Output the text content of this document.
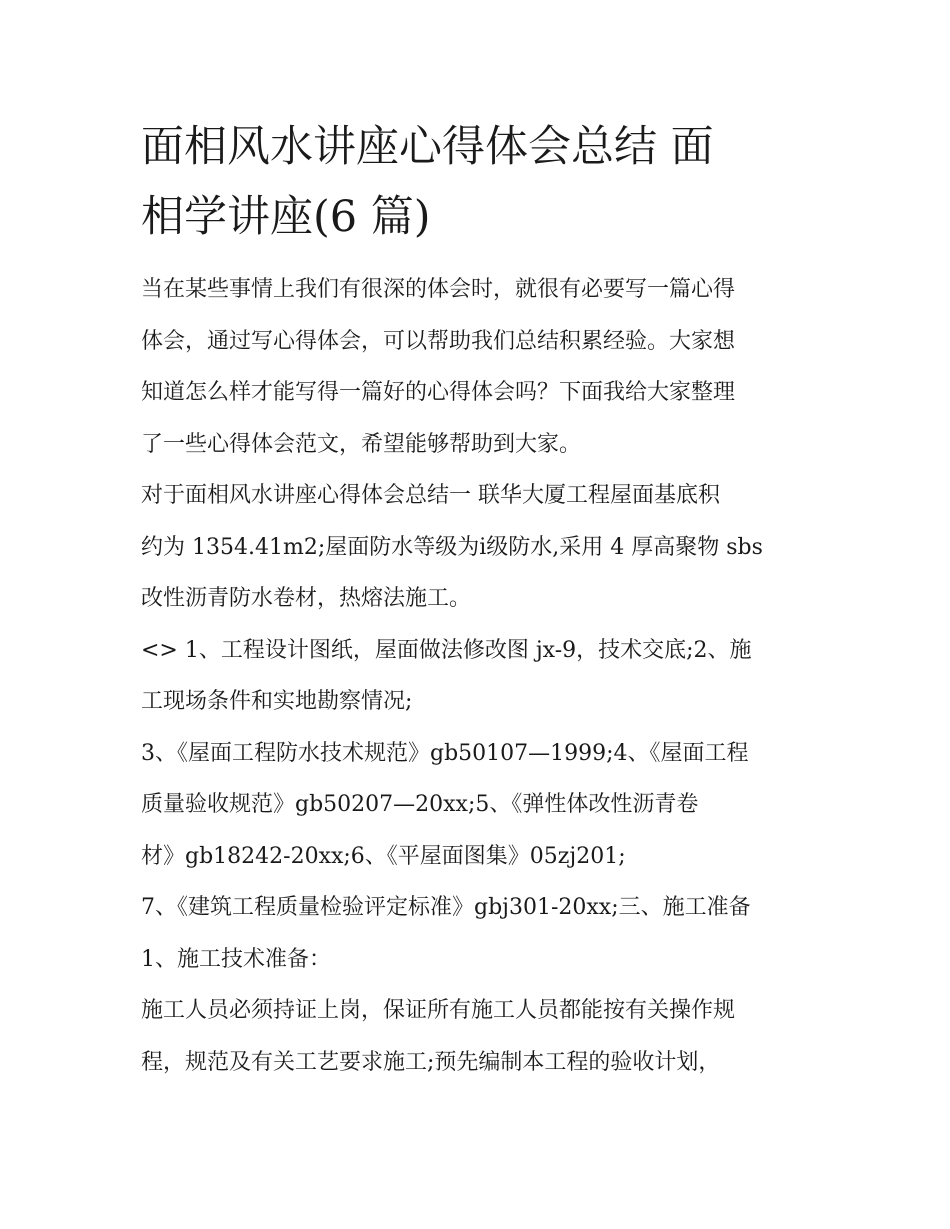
面相风水讲座心得体会总结 面
相学讲座(6 篇)

当在某些事情上我们有很深的体会时，就很有必要写一篇心得
体会，通过写心得体会，可以帮助我们总结积累经验。大家想
知道怎么样才能写得一篇好的心得体会吗？下面我给大家整理
了一些心得体会范文，希望能够帮助到大家。

对于面相风水讲座心得体会总结一 联华大厦工程屋面基底积
约为 1354.41m2;屋面防水等级为ⅰ级防水,采用 4 厚高聚物 sbs
改性沥青防水卷材，热熔法施工。

<> 1、工程设计图纸，屋面做法修改图 jx-9，技术交底;2、施
工现场条件和实地勘察情况;

3、《屋面工程防水技术规范》gb50107—1999;4、《屋面工程
质量验收规范》gb50207—20xx;5、《弹性体改性沥青卷
材》gb18242-20xx;6、《平屋面图集》05zj201;

7、《建筑工程质量检验评定标准》gbj301-20xx;三、施工准备

1、施工技术准备：

施工人员必须持证上岗，保证所有施工人员都能按有关操作规
程，规范及有关工艺要求施工;预先编制本工程的验收计划，
